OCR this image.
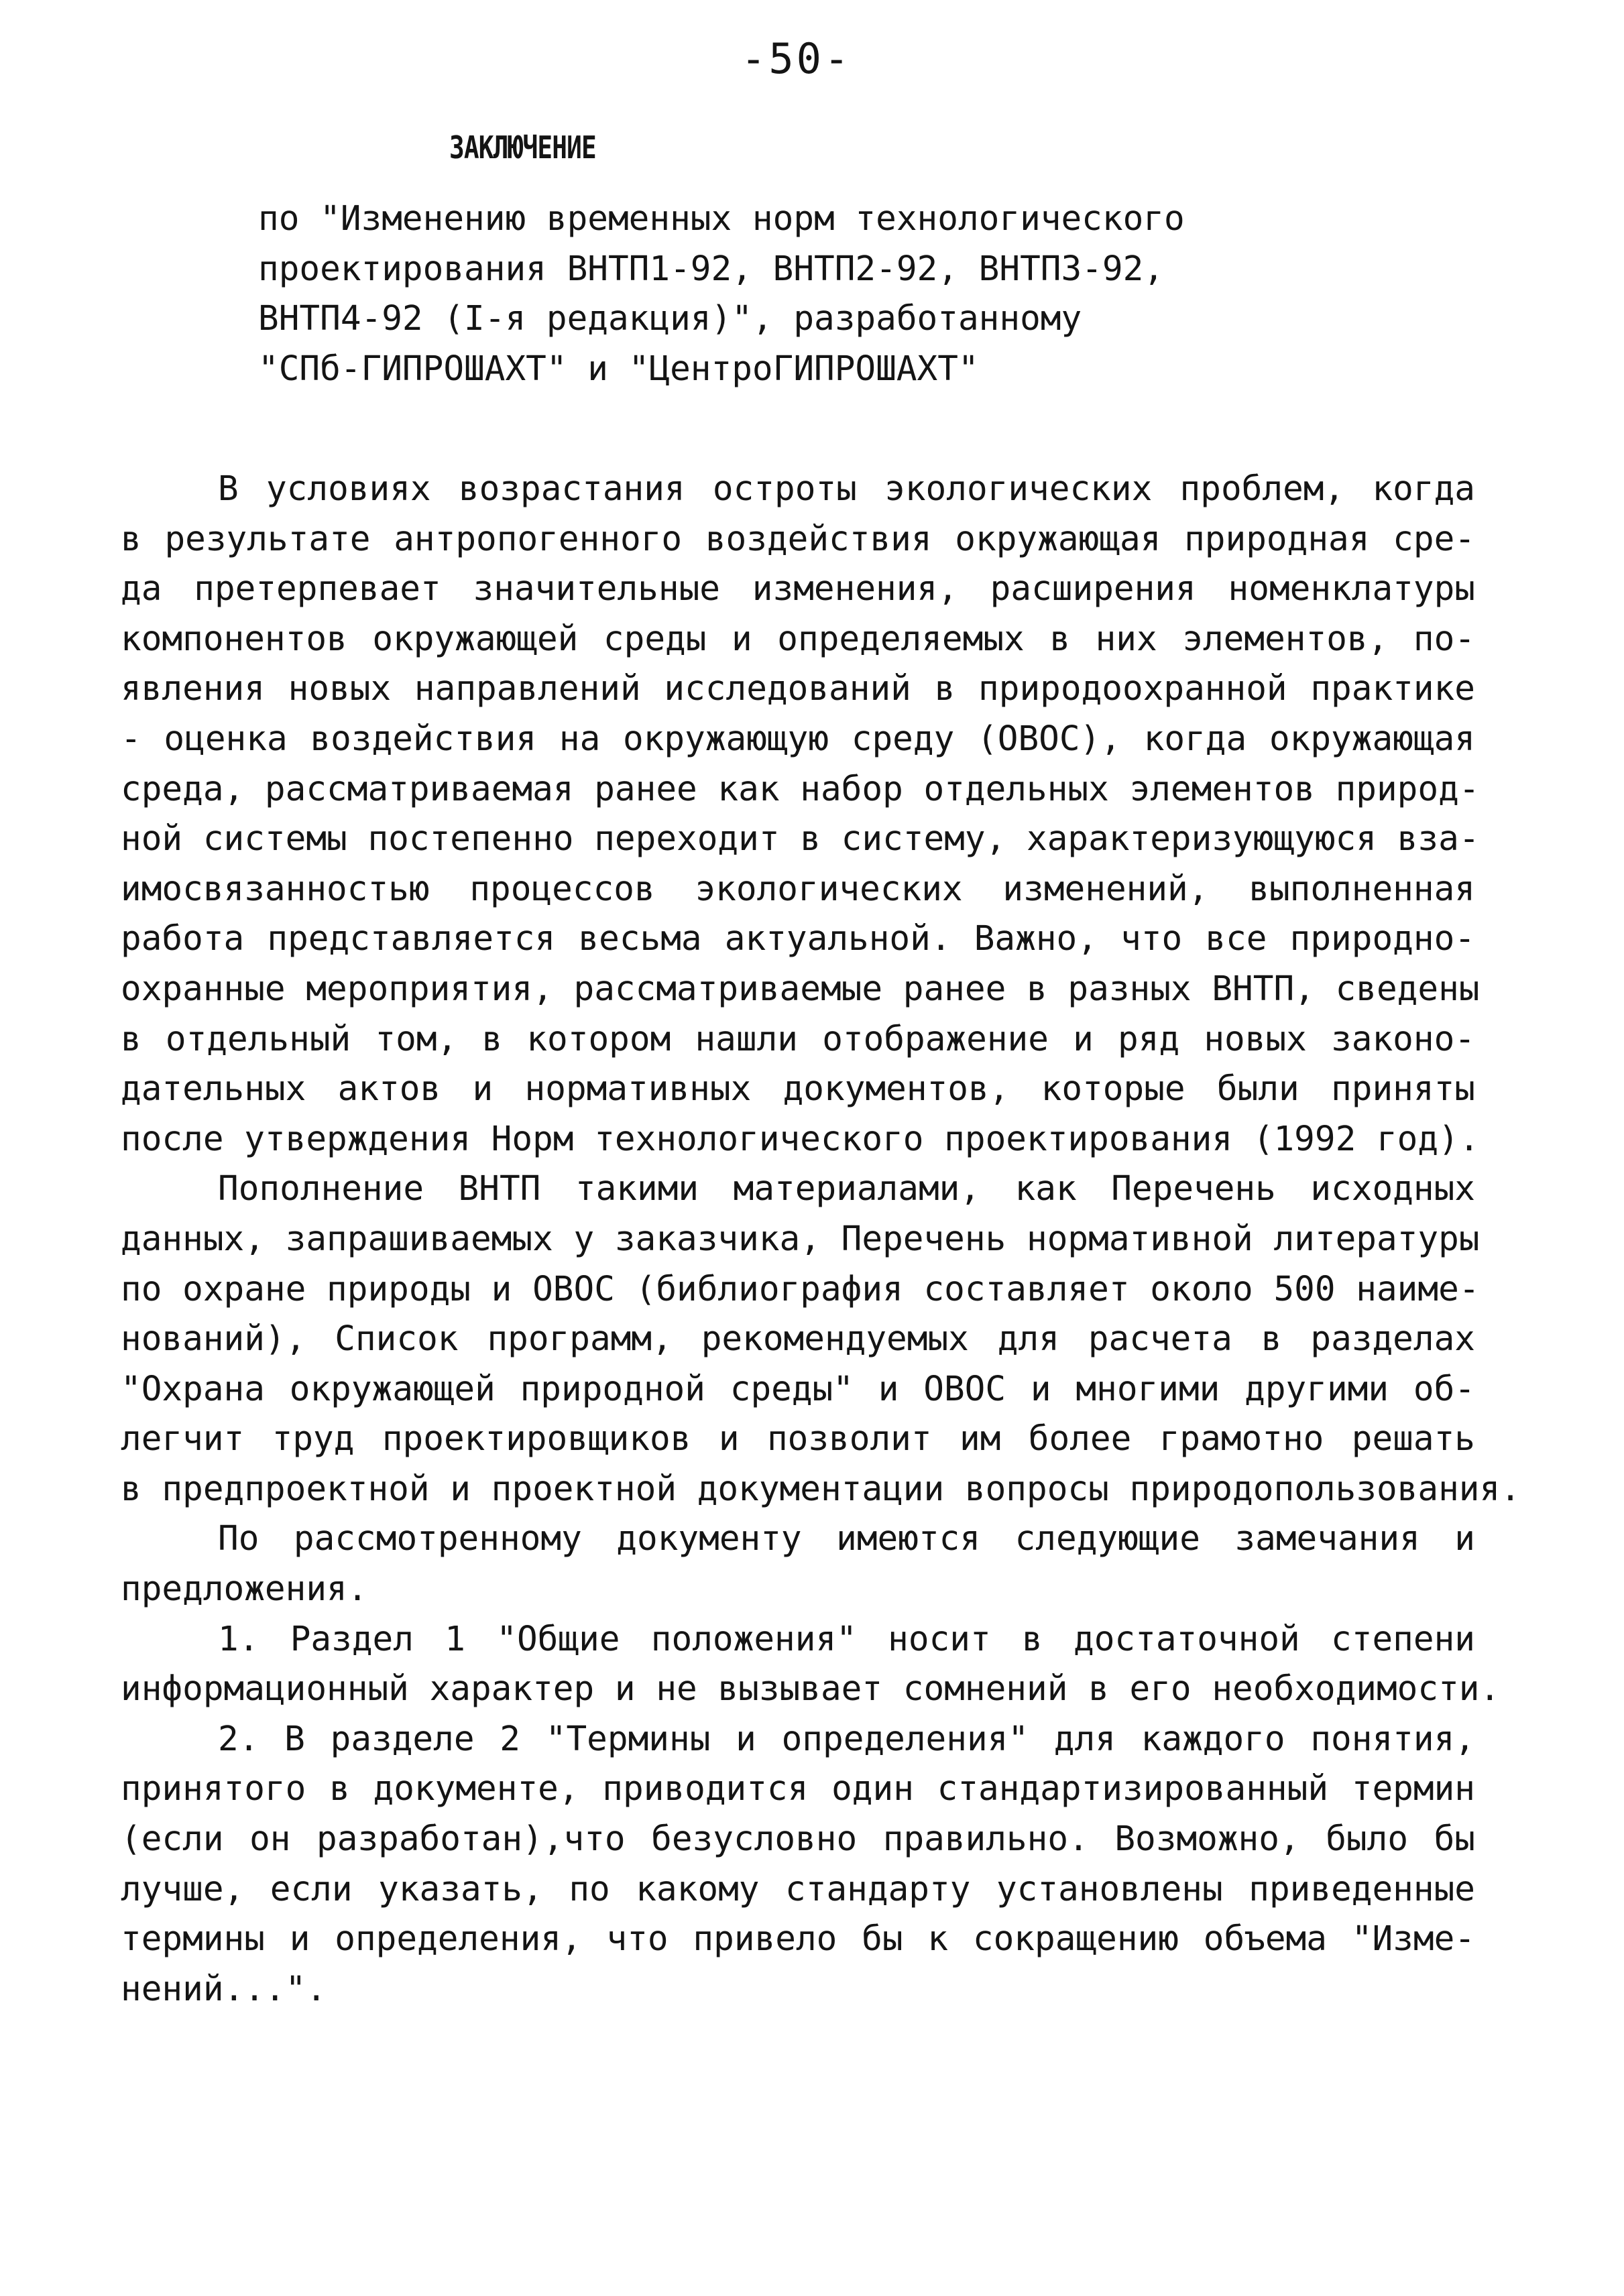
-50-
ЗАКЛЮЧЕНИЕ
по "Изменению временных норм технологического
проектирования ВНТП1-92, ВНТП2-92, ВНТП3-92,
ВНТП4-92 (I-я редакция)", разработанному
"СПб-ГИПРОШАХТ" и "ЦентроГИПРОШАХТ"
В условиях возрастания остроты экологических проблем, когда
в результате антропогенного воздействия окружающая природная сре-
да претерпевает значительные изменения, расширения номенклатуры
компонентов окружающей среды и определяемых в них элементов, по-
явления новых направлений исследований в природоохранной практике
- оценка воздействия на окружающую среду (ОВОС), когда окружающая
среда, рассматриваемая ранее как набор отдельных элементов природ-
ной системы постепенно переходит в систему, характеризующуюся вза-
имосвязанностью процессов экологических изменений, выполненная
работа представляется весьма актуальной. Важно, что все природно-
охранные мероприятия, рассматриваемые ранее в разных ВНТП, сведены
в отдельный том, в котором нашли отображение и ряд новых законо-
дательных актов и нормативных документов, которые были приняты
после утверждения Норм технологического проектирования (1992 год).
Пополнение ВНТП такими материалами, как Перечень исходных
данных, запрашиваемых у заказчика, Перечень нормативной литературы
по охране природы и ОВОС (библиография составляет около 500 наиме-
нований), Список программ, рекомендуемых для расчета в разделах
"Охрана окружающей природной среды" и ОВОС и многими другими об-
легчит труд проектировщиков и позволит им более грамотно решать
в предпроектной и проектной документации вопросы природопользования.
По рассмотренному документу имеются следующие замечания и
предложения.
1. Раздел 1 "Общие положения" носит в достаточной степени
информационный характер и не вызывает сомнений в его необходимости.
2. В разделе 2 "Термины и определения" для каждого понятия,
принятого в документе, приводится один стандартизированный термин
(если он разработан),что безусловно правильно. Возможно, было бы
лучше, если указать, по какому стандарту установлены приведенные
термины и определения, что привело бы к сокращению объема "Изме-
нений...".
